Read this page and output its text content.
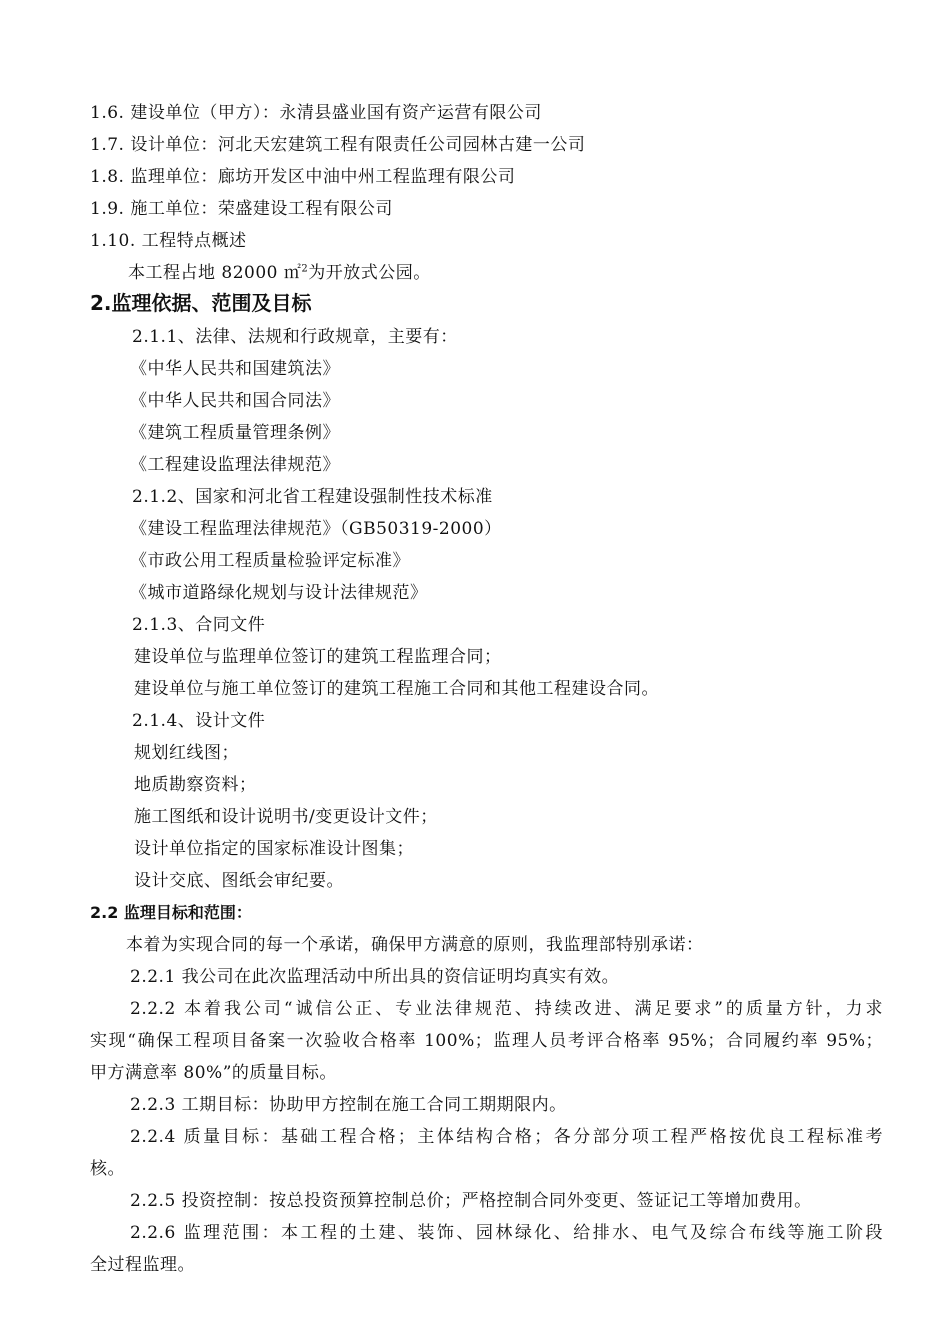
1.6. 建设单位（甲方）：永清县盛业国有资产运营有限公司
1.7. 设计单位：河北天宏建筑工程有限责任公司园林古建一公司
1.8. 监理单位：廊坊开发区中油中州工程监理有限公司
1.9. 施工单位：荣盛建设工程有限公司
1.10. 工程特点概述
本工程占地 82000 ㎡$^2$为开放式公园。
2.监理依据、范围及目标
2.1.1、法律、法规和行政规章，主要有：
《中华人民共和国建筑法》
《中华人民共和国合同法》
《建筑工程质量管理条例》
《工程建设监理法律规范》
2.1.2、国家和河北省工程建设强制性技术标准
《建设工程监理法律规范》（GB50319-2000）
《市政公用工程质量检验评定标准》
《城市道路绿化规划与设计法律规范》
2.1.3、合同文件
建设单位与监理单位签订的建筑工程监理合同；
建设单位与施工单位签订的建筑工程施工合同和其他工程建设合同。
2.1.4、设计文件
规划红线图；
地质勘察资料；
施工图纸和设计说明书/变更设计文件；
设计单位指定的国家标准设计图集；
设计交底、图纸会审纪要。
2.2 监理目标和范围：
本着为实现合同的每一个承诺，确保甲方满意的原则，我监理部特别承诺：
2.2.1 我公司在此次监理活动中所出具的资信证明均真实有效。
2.2.2 本着我公司“诚信公正、专业法律规范、持续改进、满足要求”的质量方针，力求
实现“确保工程项目备案一次验收合格率 100%；监理人员考评合格率 95%；合同履约率 95%；
甲方满意率 80%”的质量目标。
2.2.3 工期目标：协助甲方控制在施工合同工期期限内。
2.2.4 质量目标：基础工程合格；主体结构合格；各分部分项工程严格按优良工程标准考
核。
2.2.5 投资控制：按总投资预算控制总价；严格控制合同外变更、签证记工等增加费用。
2.2.6 监理范围：本工程的土建、装饰、园林绿化、给排水、电气及综合布线等施工阶段
全过程监理。
